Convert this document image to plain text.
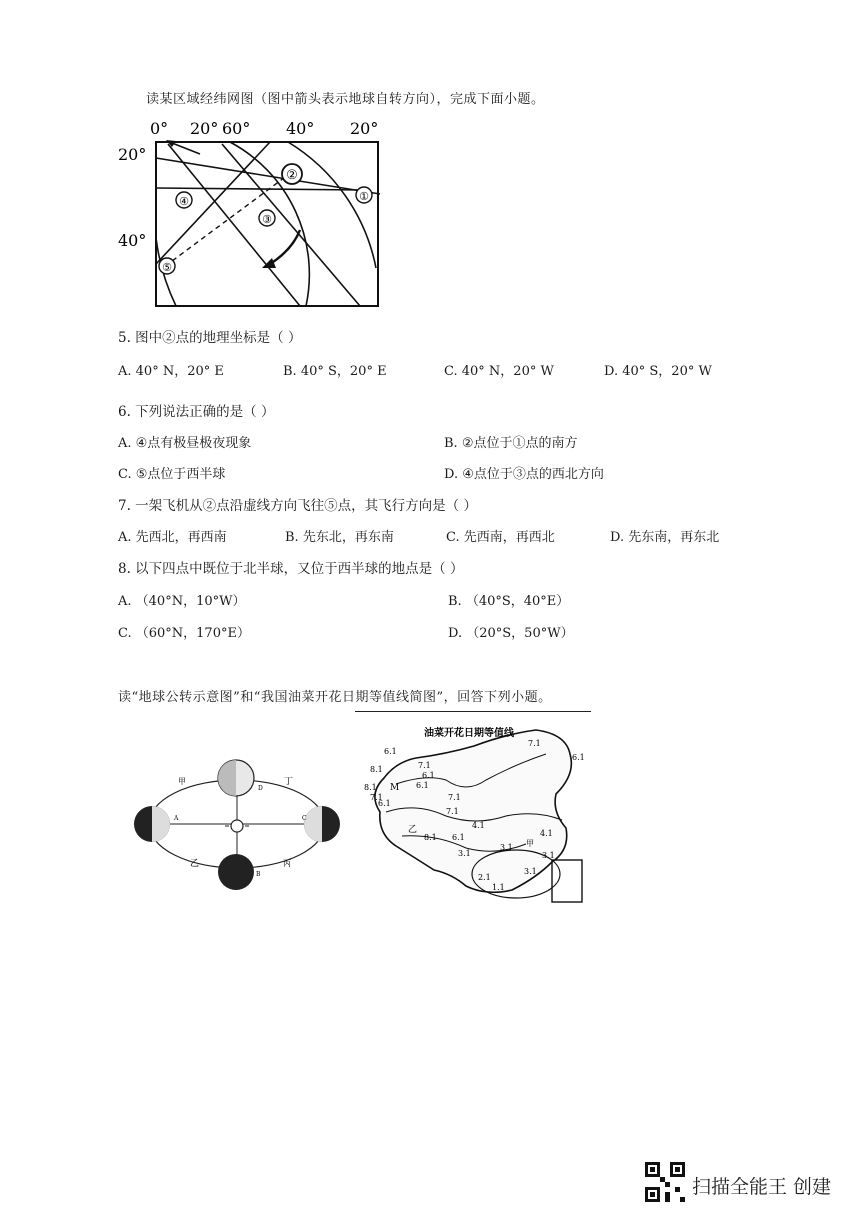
读某区域经纬网图（图中箭头表示地球自转方向），完成下面小题。
①
②
③
④
⑤
0° 20° 60° 40° 20°
20°
40°
5. 图中②点的地理坐标是（ ）
A. 40° N，20° E	B. 40° S，20° E	C. 40° N，20° W	D. 40° S，20° W
6. 下列说法正确的是（ ）
A. ④点有极昼极夜现象	B. ②点位于①点的南方
C. ⑤点位于西半球	D. ④点位于③点的西北方向
7. 一架飞机从②点沿虚线方向飞往⑤点，其飞行方向是（ ）
A. 先西北，再西南	B. 先东北，再东南	C. 先西南，再西北	D. 先东南，再东北
8. 以下四点中既位于北半球，又位于西半球的地点是（ ）
A. （40°N，10°W）	B. （40°S，40°E）
C. （60°N，170°E）	D. （20°S，50°W）
读“地球公转示意图”和“我国油菜开花日期等值线简图”，回答下列小题。
甲	丁
乙	丙
A
B
C
D
油菜开花日期等值线
7.1
6.1
6.1
8.1	7.1
6.1
6.1
8.1
7.1
M
6.1
7.1
7.1
乙
8.1 6.1
4.1
4.1
3.1
3.1 甲
3.1
2.1
1.1
3.1
扫描全能王 创建
